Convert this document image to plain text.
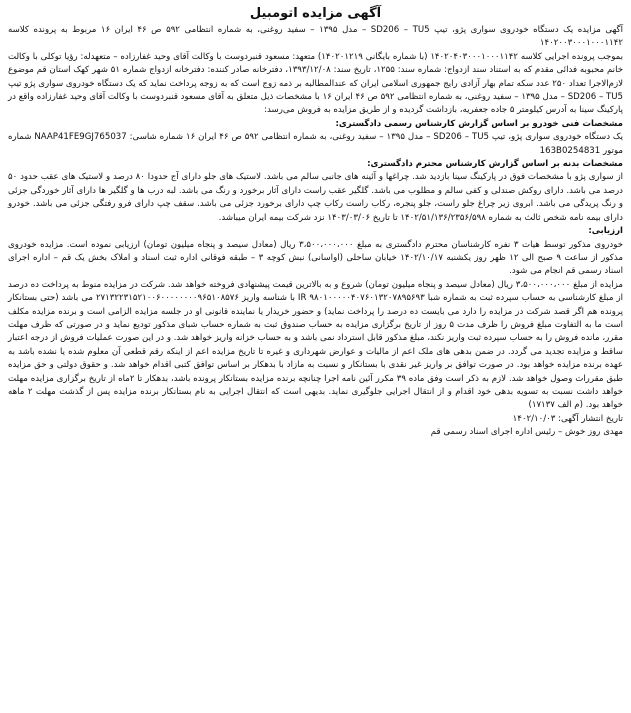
آگهی مزایده اتومبیل

آگهی مزایده یک دستگاه خودروی سواری پژو، تیپ SD206 – TU5 – مدل ۱۳۹۵ – سفید روغنی، به شماره انتظامی ۵۹۲ ص ۴۶ ایران ۱۶ مربوط به پرونده کلاسه ۱۴۰۲۰۰۳۰۰۰۱۰۰۰۱۱۴۲

بموجب پرونده اجرایی کلاسه ۱۴۰۲۰۴۰۳۰۰۰۱۰۰۰۱۱۴۲ (با شماره بایگانی ۱۴۰۲۰۱۲۱۹) متعهد: مسعود قنبردوست با وکالت آقای وحید غفارزاده – متعهدله: رؤیا توکلی با وکالت خانم محبوبه فدائی مقدم که به استناد سند ازدواج: شماره سند: ۱۲۵۵، تاریخ سند: ۱۳۹۳/۱۲/۰۸، دفترخانه صادر کننده: دفترخانه ازدواج شماره ۵۱ شهر کهک استان قم موضوع لازم‌الاجرا تعداد ۲۵۰ عدد سکه تمام بهار آزادی رایج جمهوری اسلامی ایران که عندالمطالبه بر ذمه زوج است که به زوجه پرداخت نماید که یک دستگاه خودروی سواری پژو تیپ SD206 – TU5 – مدل ۱۳۹۵ – سفید روغنی، به شماره انتظامی ۵۹۲ ص ۴۶ ایران ۱۶ با مشخصات ذیل متعلق به آقای مسعود قنبردوست با وکالت آقای وحید غفارزاده واقع در پارکینگ سینا به آدرس کیلومتر ۵ جاده جعفریه، بازداشت گردیده و از طریق مزایده به فروش می‌رسد:

مشخصات فنی خودرو بر اساس گزارش کارشناس رسمی دادگستری:

یک دستگاه خودروی سواری پژو، تیپ SD206 – TU5 – مدل ۱۳۹۵ – سفید روغنی، به شماره انتظامی ۵۹۲ ص ۴۶ ایران ۱۶ شماره شاسی: NAAP41FE9GJ765037 شماره موتور 163B0254831

مشخصات بدنه بر اساس گزارش کارشناس محترم دادگستری:

از سواری پژو با مشخصات فوق در پارکینگ سینا بازدید شد. چراغها و آئینه های جانبی سالم می باشد. لاستیک های جلو دارای آج حدودا ۸۰ درصد و لاستیک های عقب حدود ۵۰ درصد می باشد. دارای روکش صندلی و کفی سالم و مطلوب می باشد. گلگیر عقب راست دارای آثار برخورد و رنگ می باشد. لبه درب ها و گلگیر ها دارای آثار خوردگی جزئی و رنگ پریدگی می باشد. ابروی زیر چراغ جلو راست، جلو پنجره، رکاب راست رکاب چپ دارای برخورد جزئی می باشد. سقف چپ دارای فرو رفتگی جزئی می باشد. خودرو دارای بیمه نامه شخص ثالث به شماره ۱۴۰۲/۵۱/۱۳۶/۲۳۵۶/۵۹۸ تا تاریخ ۱۴۰۳/۰۳/۰۶ نزد شرکت بیمه ایران میباشد.

ارزیابی:

خودروی مذکور توسط هیات ۳ نفره کارشناسان محترم دادگستری به مبلغ ۳،۵۰۰،۰۰۰،۰۰۰ ریال (معادل سیصد و پنجاه میلیون تومان) ارزیابی نموده است. مزایده خودروی مذکور از ساعت ۹ صبح الی ۱۲ ظهر روز یکشنبه ۱۴۰۲/۱۰/۱۷ خیابان ساحلی (اواسانی) نبش کوچه ۳ – طبقه فوقانی اداره ثبت اسناد و املاک بخش یک قم – اداره اجرای اسناد رسمی قم انجام می شود.

مزایده از مبلغ ۳،۵۰۰،۰۰۰،۰۰۰ ریال (معادل سیصد و پنجاه میلیون تومان) شروع و به بالاترین قیمت پیشنهادی فروخته خواهد شد. شرکت در مزایده منوط به پرداخت ده درصد از مبلغ کارشناسی به حساب سپرده ثبت به شماره شبا IR ۹۸۰۱۰۰۰۰۰۴۰۷۶۰۱۳۲۰۷۸۹۵۶۹۳ با شناسه واریز ۲۷۱۳۲۲۳۱۵۲۱۰۰۶۰۰۰۰۰۰۰۰۹۶۵۱۰۸۵۷۶ می باشد (حتی بستانکار پرونده هم اگر قصد شرکت در مزایده را دارد می بایست ده درصد را پرداخت نماید) و حضور خریدار یا نماینده قانونی او در جلسه مزایده الزامی است و برنده مزایده مکلف است ما به التفاوت مبلغ فروش را ظرف مدت ۵ روز از تاریخ برگزاری مزایده به حساب صندوق ثبت به شماره حساب شبای مذکور تودیع نماید و در صورتی که ظرف مهلت مقرر، مانده فروش را به حساب سپرده ثبت واریز نکند، مبلغ مذکور قابل استرداد نمی باشد و به حساب خزانه واریز خواهد شد. و در این صورت عملیات فروش از درجه اعتبار ساقط و مزایده تجدید می گردد. در ضمن بدهی های ملک اعم از مالیات و عوارض شهرداری و غیره تا تاریخ مزایده اعم از اینکه رقم قطعی آن معلوم شده یا نشده باشد به عهده برنده مزایده خواهد بود. در صورت توافق بر واریز غیر نقدی با بستانکار و نسبت به مازاد با بدهکار بر اساس توافق کتبی اقدام خواهد شد. و حقوق دولتی و حق مزایده طبق مقررات وصول خواهد شد. لازم به ذکر است وفق ماده ۳۹ مکرر آئین نامه اجرا چنانچه برنده مزایده بستانکار پرونده باشد، بدهکار تا ۲ماه از تاریخ برگزاری مزایده مهلت خواهد داشت نسبت به تسویه بدهی خود اقدام و از انتقال اجرایی جلوگیری نماید. بدیهی است که انتقال اجرایی به نام بستانکار برنده مزایده پس از گذشت مهلت ۲ ماهه خواهد بود. (م الف ۱۷۱۳۷)

تاریخ انتشار آگهی: ۱۴۰۲/۱۰/۰۳

مهدی روز خوش – رئیس اداره اجرای اسناد رسمی قم
